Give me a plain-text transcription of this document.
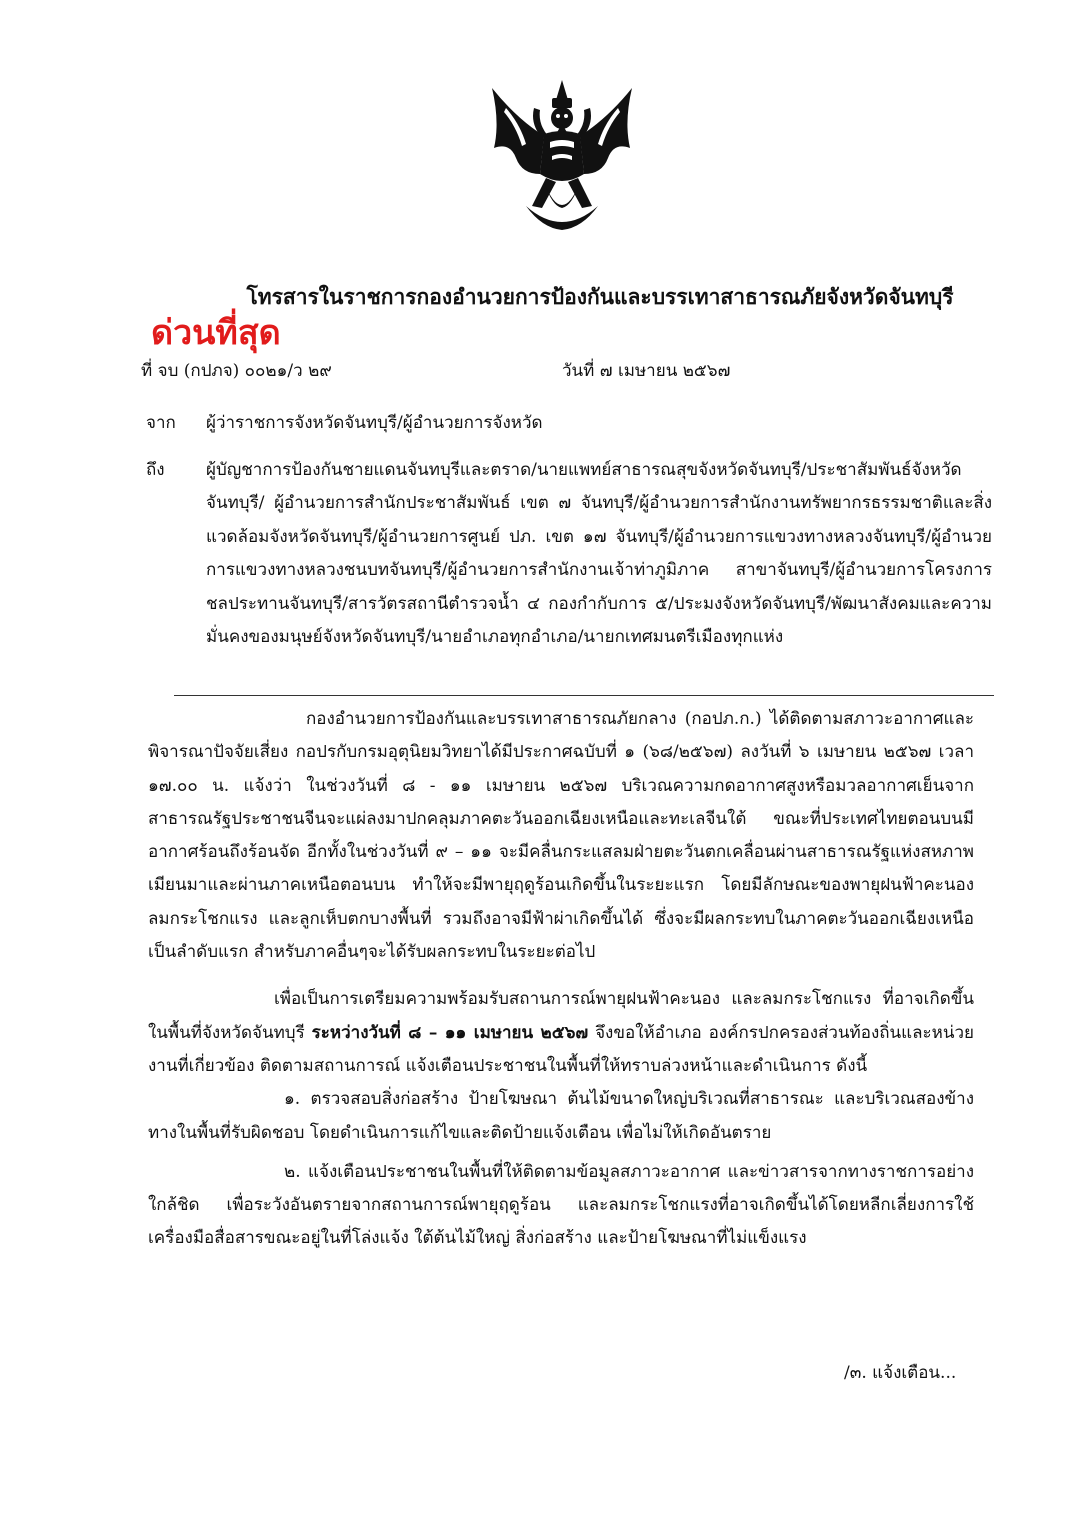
โทรสารในราชการกองอำนวยการป้องกันและบรรเทาสาธารณภัยจังหวัดจันทบุรี
ด่วนที่สุด
ที่ จบ (กปภจ) ๐๐๒๑/ว ๒๙	วันที่ ๗ เมษายน ๒๕๖๗
จาก ผู้ว่าราชการจังหวัดจันทบุรี/ผู้อำนวยการจังหวัด
ถึง ผู้บัญชาการป้องกันชายแดนจันทบุรีและตราด/นายแพทย์สาธารณสุขจังหวัดจันทบุรี/ประชาสัมพันธ์จังหวัดจันทบุรี/ ผู้อำนวยการสำนักประชาสัมพันธ์ เขต ๗ จันทบุรี/ผู้อำนวยการสำนักงานทรัพยากรธรรมชาติและสิ่งแวดล้อมจังหวัดจันทบุรี/ผู้อำนวยการศูนย์ ปภ. เขต ๑๗ จันทบุรี/ผู้อำนวยการแขวงทางหลวงจันทบุรี/ผู้อำนวยการแขวงทางหลวงชนบทจันทบุรี/ผู้อำนวยการสำนักงานเจ้าท่าภูมิภาค สาขาจันทบุรี/ผู้อำนวยการโครงการชลประทานจันทบุรี/สารวัตรสถานีตำรวจน้ำ ๔ กองกำกับการ ๕/ประมงจังหวัดจันทบุรี/พัฒนาสังคมและความมั่นคงของมนุษย์จังหวัดจันทบุรี/นายอำเภอทุกอำเภอ/นายกเทศมนตรีเมืองทุกแห่ง

กองอำนวยการป้องกันและบรรเทาสาธารณภัยกลาง (กอปภ.ก.) ได้ติดตามสภาวะอากาศและพิจารณาปัจจัยเสี่ยง กอปรกับกรมอุตุนิยมวิทยาได้มีประกาศฉบับที่ ๑ (๖๘/๒๕๖๗) ลงวันที่ ๖ เมษายน ๒๕๖๗ เวลา ๑๗.๐๐ น. แจ้งว่า ในช่วงวันที่ ๘ - ๑๑ เมษายน ๒๕๖๗ บริเวณความกดอากาศสูงหรือมวลอากาศเย็นจากสาธารณรัฐประชาชนจีนจะแผ่ลงมาปกคลุมภาคตะวันออกเฉียงเหนือและทะเลจีนใต้ ขณะที่ประเทศไทยตอนบนมีอากาศร้อนถึงร้อนจัด อีกทั้งในช่วงวันที่ ๙ – ๑๑ จะมีคลื่นกระแสลมฝ่ายตะวันตกเคลื่อนผ่านสาธารณรัฐแห่งสหภาพเมียนมาและผ่านภาคเหนือตอนบน ทำให้จะมีพายุฤดูร้อนเกิดขึ้นในระยะแรก โดยมีลักษณะของพายุฝนฟ้าคะนอง ลมกระโชกแรง และลูกเห็บตกบางพื้นที่ รวมถึงอาจมีฟ้าผ่าเกิดขึ้นได้ ซึ่งจะมีผลกระทบในภาคตะวันออกเฉียงเหนือเป็นลำดับแรก สำหรับภาคอื่นๆจะได้รับผลกระทบในระยะต่อไป

เพื่อเป็นการเตรียมความพร้อมรับสถานการณ์พายุฝนฟ้าคะนอง และลมกระโชกแรง ที่อาจเกิดขึ้นในพื้นที่จังหวัดจันทบุรี ระหว่างวันที่ ๘ – ๑๑ เมษายน ๒๕๖๗ จึงขอให้อำเภอ องค์กรปกครองส่วนท้องถิ่นและหน่วยงานที่เกี่ยวข้อง ติดตามสถานการณ์ แจ้งเตือนประชาชนในพื้นที่ให้ทราบล่วงหน้าและดำเนินการ ดังนี้

๑. ตรวจสอบสิ่งก่อสร้าง ป้ายโฆษณา ต้นไม้ขนาดใหญ่บริเวณที่สาธารณะ และบริเวณสองข้างทางในพื้นที่รับผิดชอบ โดยดำเนินการแก้ไขและติดป้ายแจ้งเตือน เพื่อไม่ให้เกิดอันตราย

๒. แจ้งเตือนประชาชนในพื้นที่ให้ติดตามข้อมูลสภาวะอากาศ และข่าวสารจากทางราชการอย่างใกล้ชิด เพื่อระวังอันตรายจากสถานการณ์พายุฤดูร้อน และลมกระโชกแรงที่อาจเกิดขึ้นได้โดยหลีกเลี่ยงการใช้เครื่องมือสื่อสารขณะอยู่ในที่โล่งแจ้ง ใต้ต้นไม้ใหญ่ สิ่งก่อสร้าง และป้ายโฆษณาที่ไม่แข็งแรง

/๓. แจ้งเตือน...
